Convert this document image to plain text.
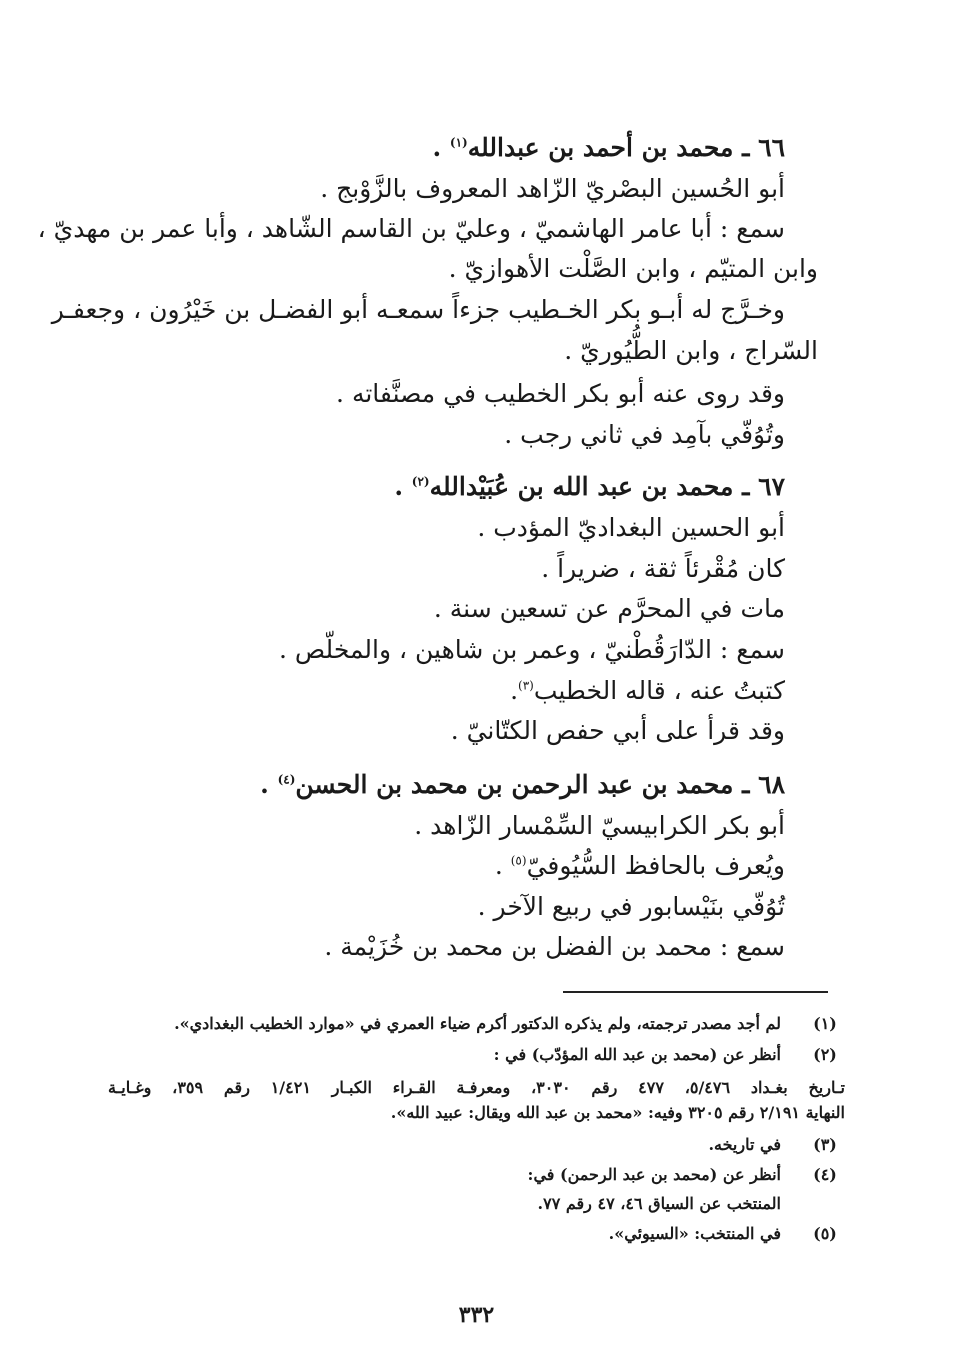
٦٦ ـ محمد بن أحمد بن عبدالله$^{(١)}$ .
أبو الحُسين البصْريّ الزّاهد المعروف بالزَّوْبج .
سمع : أبا عامر الهاشميّ ، وعليّ بن القاسم الشّاهد ، وأبا عمر بن مهديّ ،
وابن المتيّم ، وابن الصَّلْت الأهوازيّ .
وخـرَّج له أبـو بكر الخـطيب جزءاً سمعـه أبو الفضـل بن خَيْرُون ، وجعفـر
السّراج ، وابن الطُّيُوريّ .
وقد روى عنه أبو بكر الخطيب في مصنَّفاته .
وتُوُفّي بآمِد في ثاني رجب .
٦٧ ـ محمد بن عبد الله بن عُبَيْدالله$^{(٢)}$ .
أبو الحسين البغداديّ المؤدب .
كان مُقْرئاً ثقة ، ضريراً .
مات في المحرَّم عن تسعين سنة .
سمع : الدّارَقُطْنيّ ، وعمر بن شاهين ، والمخلّص .
كتبتُ عنه ، قاله الخطيب$^{(٣)}$.
وقد قرأ على أبي حفص الكتّانيّ .
٦٨ ـ محمد بن عبد الرحمن بن محمد بن الحسن$^{(٤)}$ .
أبو بكر الكرابيسيّ السِّمْسار الزّاهد .
ويُعرف بالحافظ السُّيُوفيّ$^{(٥)}$ .
تُوُفّي بنَيْسابور في ربيع الآخر .
سمع : محمد بن الفضل بن محمد بن خُزَيْمة .
(١)
لم أجد مصدر ترجمته، ولم يذكره الدكتور أكرم ضياء العمري في «موارد الخطيب البغدادي».
(٢)
أنظر عن (محمد بن عبد الله المؤدّب) في :
تـاريخ بغـداد ٥/٤٧٦، ٤٧٧ رقم ٣٠٣٠، ومعرفـة القـراء الكبـار ١/٤٢١ رقم ٣٥٩، وغـايـة
النهاية ٢/١٩١ رقم ٣٢٠٥ وفيه: «محمد بن عبد الله ويقال: عبيد الله».
(٣)
في تاريخه.
(٤)
أنظر عن (محمد بن عبد الرحمن) في:
المنتخب عن السياق ٤٦، ٤٧ رقم ٧٧.
(٥)
في المنتخب: «السيوئي».
٣٣٢
